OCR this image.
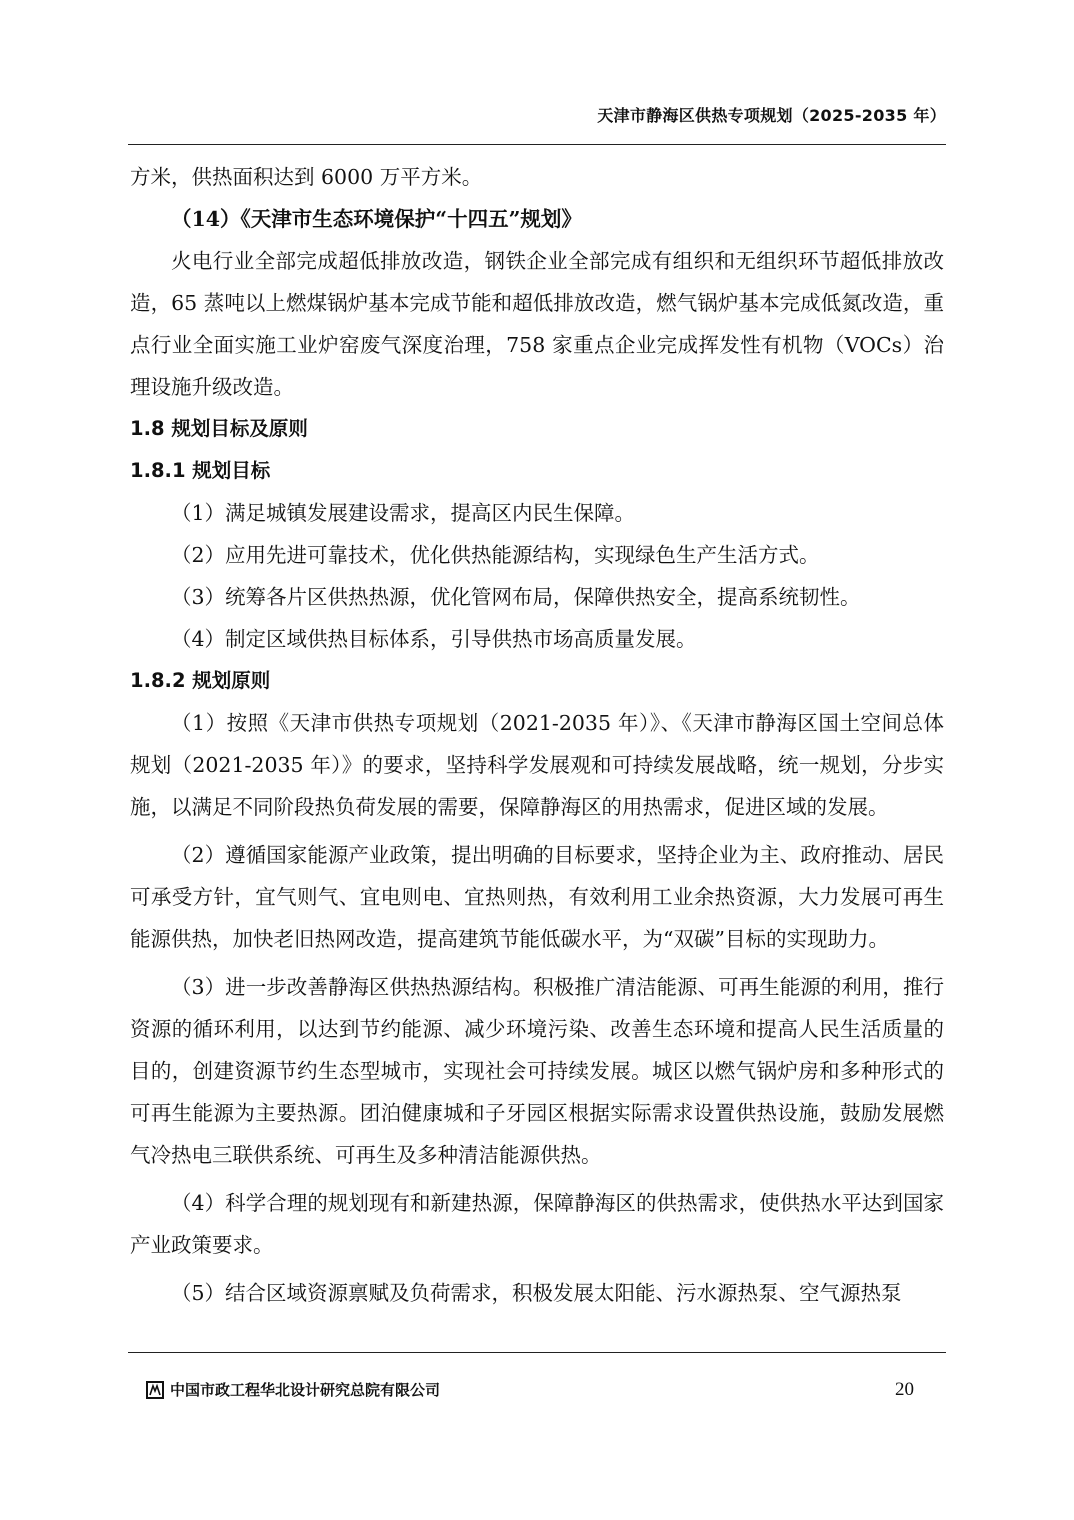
天津市静海区供热专项规划（2025-2035 年）

方米，供热面积达到 6000 万平方米。

（14）《天津市生态环境保护“十四五”规划》

火电行业全部完成超低排放改造，钢铁企业全部完成有组织和无组织环节超低排放改造，65 蒸吨以上燃煤锅炉基本完成节能和超低排放改造，燃气锅炉基本完成低氮改造，重点行业全面实施工业炉窑废气深度治理，758 家重点企业完成挥发性有机物（VOCs）治理设施升级改造。

1.8 规划目标及原则

1.8.1 规划目标

（1）满足城镇发展建设需求，提高区内民生保障。

（2）应用先进可靠技术，优化供热能源结构，实现绿色生产生活方式。

（3）统筹各片区供热热源，优化管网布局，保障供热安全，提高系统韧性。

（4）制定区域供热目标体系，引导供热市场高质量发展。

1.8.2 规划原则

（1）按照《天津市供热专项规划（2021-2035 年）》、《天津市静海区国土空间总体规划（2021-2035 年）》的要求，坚持科学发展观和可持续发展战略，统一规划，分步实施，以满足不同阶段热负荷发展的需要，保障静海区的用热需求，促进区域的发展。

（2）遵循国家能源产业政策，提出明确的目标要求，坚持企业为主、政府推动、居民可承受方针，宜气则气、宜电则电、宜热则热，有效利用工业余热资源，大力发展可再生能源供热，加快老旧热网改造，提高建筑节能低碳水平，为“双碳”目标的实现助力。

（3）进一步改善静海区供热热源结构。积极推广清洁能源、可再生能源的利用，推行资源的循环利用，以达到节约能源、减少环境污染、改善生态环境和提高人民生活质量的目的，创建资源节约生态型城市，实现社会可持续发展。城区以燃气锅炉房和多种形式的可再生能源为主要热源。团泊健康城和子牙园区根据实际需求设置供热设施，鼓励发展燃气冷热电三联供系统、可再生及多种清洁能源供热。

（4）科学合理的规划现有和新建热源，保障静海区的供热需求，使供热水平达到国家产业政策要求。

（5）结合区域资源禀赋及负荷需求，积极发展太阳能、污水源热泵、空气源热泵

中国市政工程华北设计研究总院有限公司	20
